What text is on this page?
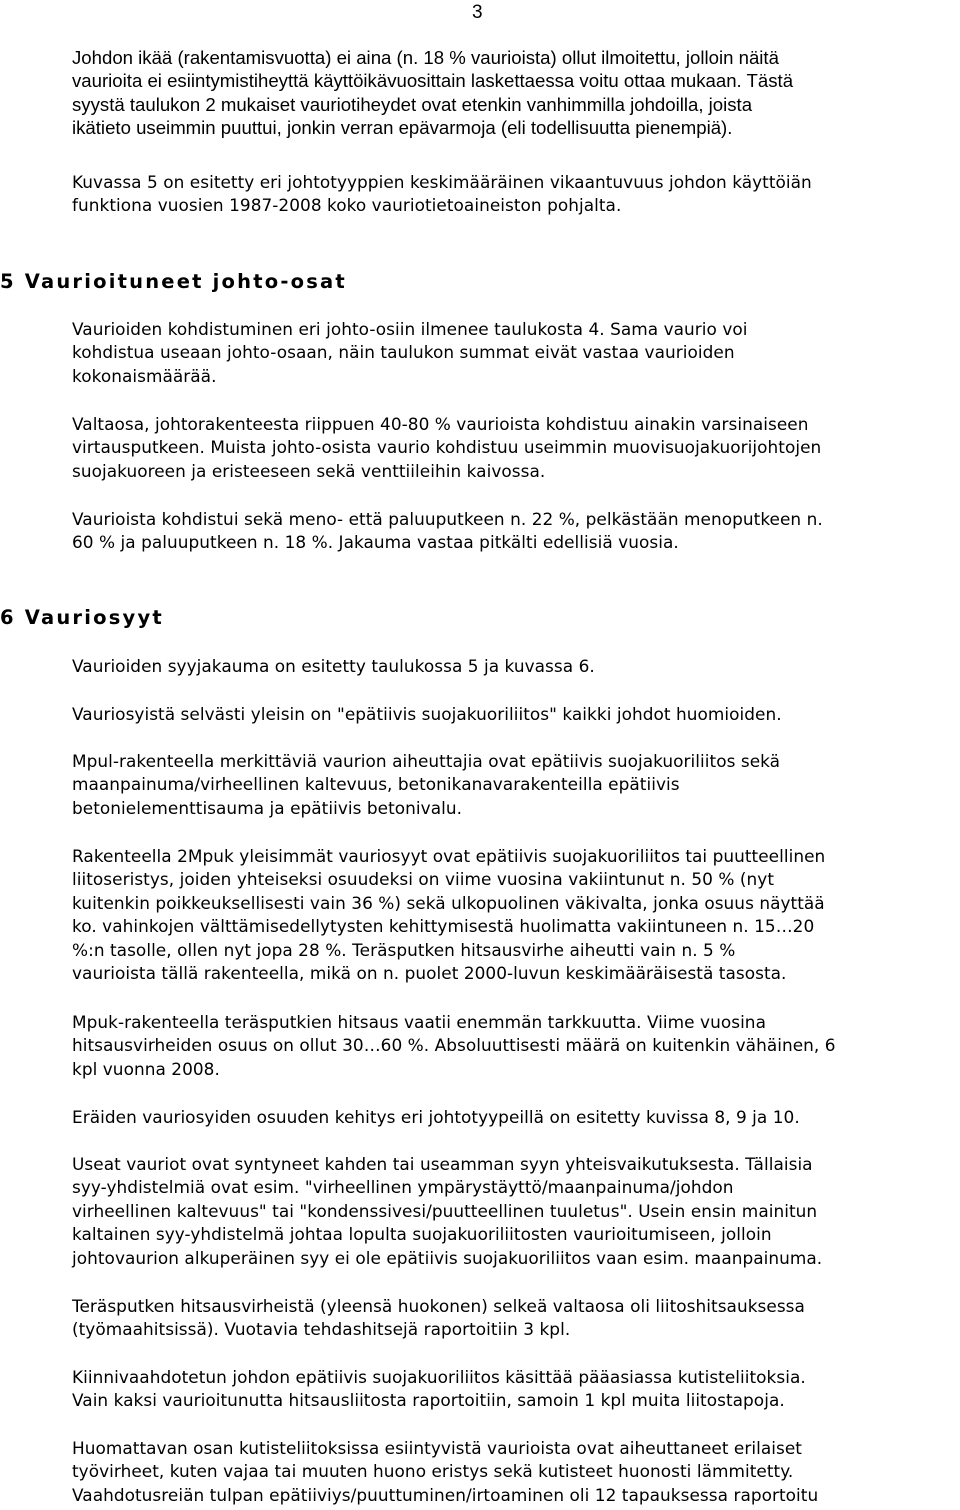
3
Johdon ikää (rakentamisvuotta) ei aina (n. 18 % vaurioista) ollut ilmoitettu, jolloin näitä
vaurioita ei esiintymistiheyttä käyttöikävuosittain laskettaessa voitu ottaa mukaan. Tästä
syystä taulukon 2 mukaiset vauriotiheydet ovat etenkin vanhimmilla johdoilla, joista
ikätieto useimmin puuttui, jonkin verran epävarmoja (eli todellisuutta pienempiä).
Kuvassa 5 on esitetty eri johtotyyppien keskimääräinen vikaantuvuus johdon käyttöiän
funktiona vuosien 1987-2008 koko vauriotietoaineiston pohjalta.
5 Vaurioituneet johto-osat
Vaurioiden kohdistuminen eri johto-osiin ilmenee taulukosta 4. Sama vaurio voi
kohdistua useaan johto-osaan, näin taulukon summat eivät vastaa vaurioiden
kokonaismäärää.
Valtaosa, johtorakenteesta riippuen 40-80 % vaurioista kohdistuu ainakin varsinaiseen
virtausputkeen. Muista johto-osista vaurio kohdistuu useimmin muovisuojakuorijohtojen
suojakuoreen ja eristeeseen sekä venttiileihin kaivossa.
Vaurioista kohdistui sekä meno- että paluuputkeen n. 22 %, pelkästään menoputkeen n.
60 % ja paluuputkeen n. 18 %. Jakauma vastaa pitkälti edellisiä vuosia.
6 Vauriosyyt
Vaurioiden syyjakauma on esitetty taulukossa 5 ja kuvassa 6.
Vauriosyistä selvästi yleisin on "epätiivis suojakuoriliitos" kaikki johdot huomioiden.
Mpul-rakenteella merkittäviä vaurion aiheuttajia ovat epätiivis suojakuoriliitos sekä
maanpainuma/virheellinen kaltevuus, betonikanavarakenteilla epätiivis
betonielementtisauma ja epätiivis betonivalu.
Rakenteella 2Mpuk yleisimmät vauriosyyt ovat epätiivis suojakuoriliitos tai puutteellinen
liitoseristys, joiden yhteiseksi osuudeksi on viime vuosina vakiintunut n. 50 % (nyt
kuitenkin poikkeuksellisesti vain 36 %) sekä ulkopuolinen väkivalta, jonka osuus näyttää
ko. vahinkojen välttämisedellytysten kehittymisestä huolimatta vakiintuneen n. 15…20
%:n tasolle, ollen nyt jopa 28 %. Teräsputken hitsausvirhe aiheutti vain n. 5 %
vaurioista tällä rakenteella, mikä on n. puolet 2000-luvun keskimääräisestä tasosta.
Mpuk-rakenteella teräsputkien hitsaus vaatii enemmän tarkkuutta. Viime vuosina
hitsausvirheiden osuus on ollut 30…60 %. Absoluuttisesti määrä on kuitenkin vähäinen, 6
kpl vuonna 2008.
Eräiden vauriosyiden osuuden kehitys eri johtotyypeillä on esitetty kuvissa 8, 9 ja 10.
Useat vauriot ovat syntyneet kahden tai useamman syyn yhteisvaikutuksesta. Tällaisia
syy-yhdistelmiä ovat esim. "virheellinen ympärystäyttö/maanpainuma/johdon
virheellinen kaltevuus" tai "kondenssivesi/puutteellinen tuuletus". Usein ensin mainitun
kaltainen syy-yhdistelmä johtaa lopulta suojakuoriliitosten vaurioitumiseen, jolloin
johtovaurion alkuperäinen syy ei ole epätiivis suojakuoriliitos vaan esim. maanpainuma.
Teräsputken hitsausvirheistä (yleensä huokonen) selkeä valtaosa oli liitoshitsauksessa
(työmaahitsissä). Vuotavia tehdashitsejä raportoitiin 3 kpl.
Kiinnivaahdotetun johdon epätiivis suojakuoriliitos käsittää pääasiassa kutisteliitoksia.
Vain kaksi vaurioitunutta hitsausliitosta raportoitiin, samoin 1 kpl muita liitostapoja.
Huomattavan osan kutisteliitoksissa esiintyvistä vaurioista ovat aiheuttaneet erilaiset
työvirheet, kuten vajaa tai muuten huono eristys sekä kutisteet huonosti lämmitetty.
Vaahdotusreiän tulpan epätiiviys/puuttuminen/irtoaminen oli 12 tapauksessa raportoitu
